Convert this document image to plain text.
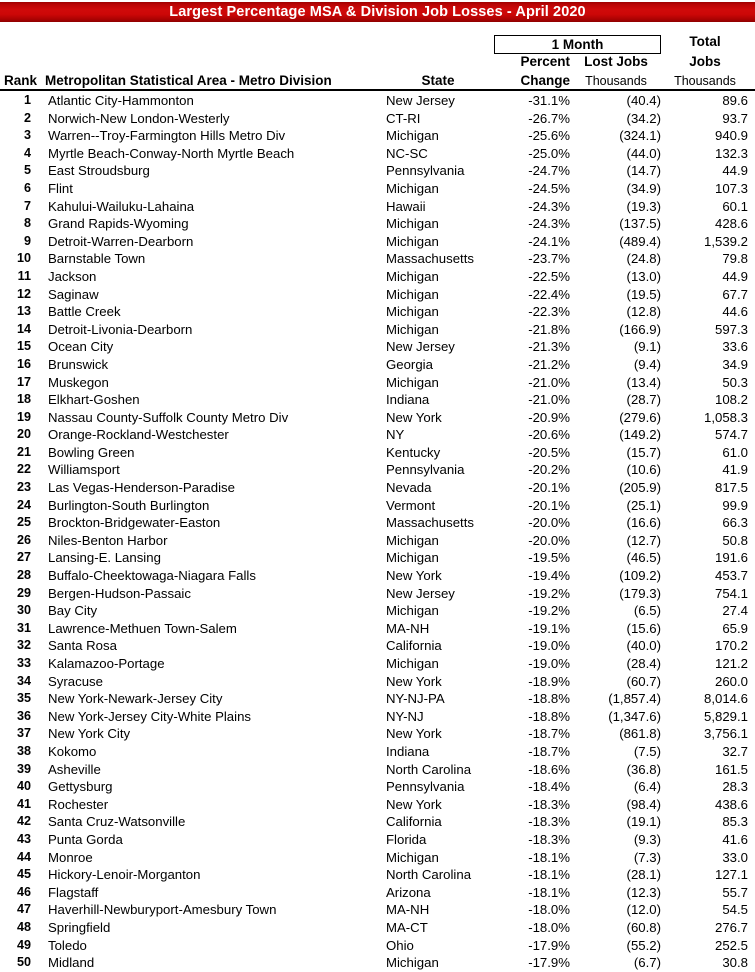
Largest Percentage MSA & Division Job Losses - April 2020
1 Month	Total
Percent	Lost Jobs	Jobs
Rank Metropolitan Statistical Area - Metro Division	State	Change	Thousands	Thousands
1 Atlantic City-Hammonton	New Jersey	-31.1%	(40.4)	89.6
2 Norwich-New London-Westerly	CT-RI	-26.7%	(34.2)	93.7
3 Warren--Troy-Farmington Hills Metro Div	Michigan	-25.6%	(324.1)	940.9
4 Myrtle Beach-Conway-North Myrtle Beach	NC-SC	-25.0%	(44.0)	132.3
5 East Stroudsburg	Pennsylvania	-24.7%	(14.7)	44.9
6 Flint	Michigan	-24.5%	(34.9)	107.3
7 Kahului-Wailuku-Lahaina	Hawaii	-24.3%	(19.3)	60.1
8 Grand Rapids-Wyoming	Michigan	-24.3%	(137.5)	428.6
9 Detroit-Warren-Dearborn	Michigan	-24.1%	(489.4)	1,539.2
10 Barnstable Town	Massachusetts	-23.7%	(24.8)	79.8
11 Jackson	Michigan	-22.5%	(13.0)	44.9
12 Saginaw	Michigan	-22.4%	(19.5)	67.7
13 Battle Creek	Michigan	-22.3%	(12.8)	44.6
14 Detroit-Livonia-Dearborn	Michigan	-21.8%	(166.9)	597.3
15 Ocean City	New Jersey	-21.3%	(9.1)	33.6
16 Brunswick	Georgia	-21.2%	(9.4)	34.9
17 Muskegon	Michigan	-21.0%	(13.4)	50.3
18 Elkhart-Goshen	Indiana	-21.0%	(28.7)	108.2
19 Nassau County-Suffolk County Metro Div	New York	-20.9%	(279.6)	1,058.3
20 Orange-Rockland-Westchester	NY	-20.6%	(149.2)	574.7
21 Bowling Green	Kentucky	-20.5%	(15.7)	61.0
22 Williamsport	Pennsylvania	-20.2%	(10.6)	41.9
23 Las Vegas-Henderson-Paradise	Nevada	-20.1%	(205.9)	817.5
24 Burlington-South Burlington	Vermont	-20.1%	(25.1)	99.9
25 Brockton-Bridgewater-Easton	Massachusetts	-20.0%	(16.6)	66.3
26 Niles-Benton Harbor	Michigan	-20.0%	(12.7)	50.8
27 Lansing-E. Lansing	Michigan	-19.5%	(46.5)	191.6
28 Buffalo-Cheektowaga-Niagara Falls	New York	-19.4%	(109.2)	453.7
29 Bergen-Hudson-Passaic	New Jersey	-19.2%	(179.3)	754.1
30 Bay City	Michigan	-19.2%	(6.5)	27.4
31 Lawrence-Methuen Town-Salem	MA-NH	-19.1%	(15.6)	65.9
32 Santa Rosa	California	-19.0%	(40.0)	170.2
33 Kalamazoo-Portage	Michigan	-19.0%	(28.4)	121.2
34 Syracuse	New York	-18.9%	(60.7)	260.0
35 New York-Newark-Jersey City	NY-NJ-PA	-18.8%	(1,857.4)	8,014.6
36 New York-Jersey City-White Plains	NY-NJ	-18.8%	(1,347.6)	5,829.1
37 New York City	New York	-18.7%	(861.8)	3,756.1
38 Kokomo	Indiana	-18.7%	(7.5)	32.7
39 Asheville	North Carolina	-18.6%	(36.8)	161.5
40 Gettysburg	Pennsylvania	-18.4%	(6.4)	28.3
41 Rochester	New York	-18.3%	(98.4)	438.6
42 Santa Cruz-Watsonville	California	-18.3%	(19.1)	85.3
43 Punta Gorda	Florida	-18.3%	(9.3)	41.6
44 Monroe	Michigan	-18.1%	(7.3)	33.0
45 Hickory-Lenoir-Morganton	North Carolina	-18.1%	(28.1)	127.1
46 Flagstaff	Arizona	-18.1%	(12.3)	55.7
47 Haverhill-Newburyport-Amesbury Town	MA-NH	-18.0%	(12.0)	54.5
48 Springfield	MA-CT	-18.0%	(60.8)	276.7
49 Toledo	Ohio	-17.9%	(55.2)	252.5
50 Midland	Michigan	-17.9%	(6.7)	30.8
